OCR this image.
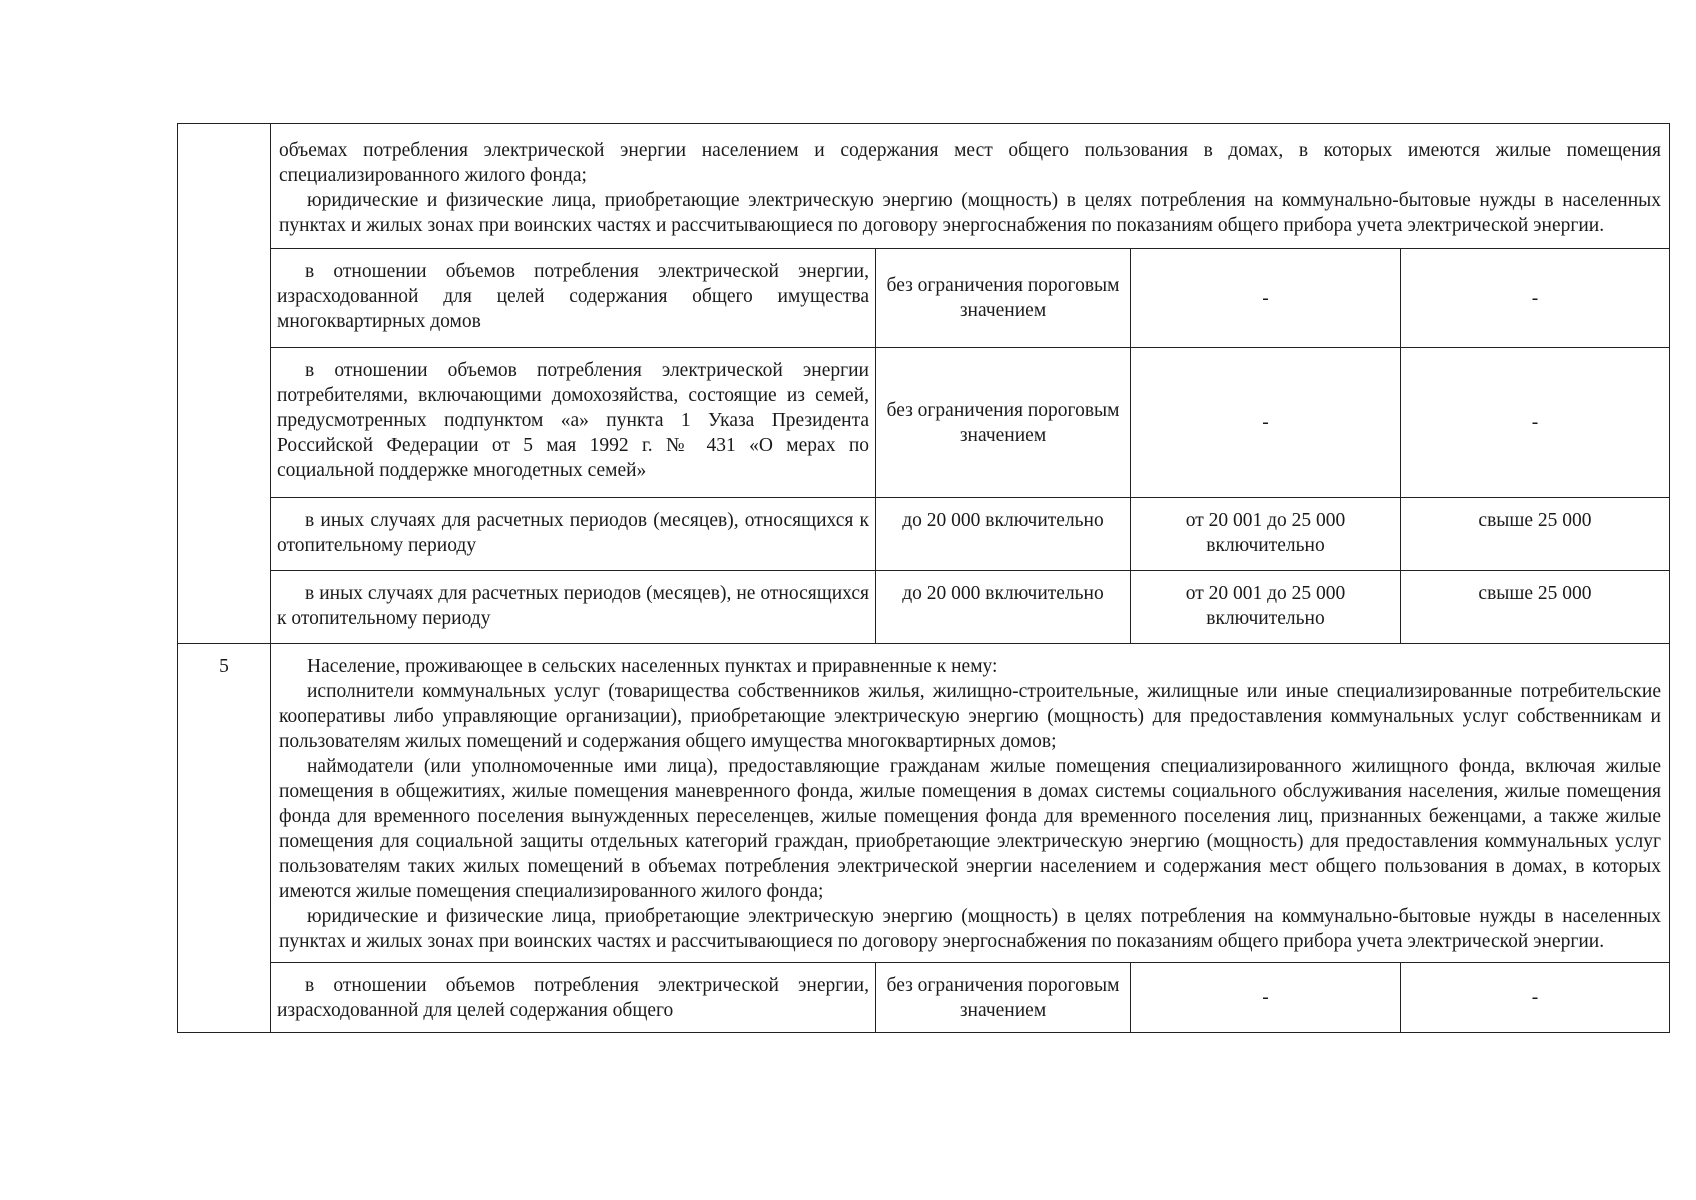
	объемах потребления электрической энергии населением и содержания мест общего пользования в домах, в которых имеются жилые помещения специализированного жилого фонда;

юридические и физические лица, приобретающие электрическую энергию (мощность) в целях потребления на коммунально-бытовые нужды в населенных пунктах и жилых зонах при воинских частях и рассчитывающиеся по договору энергоснабжения по показаниям общего прибора учета электрической энергии.			

	в отношении объемов потребления электрической энергии, израсходованной для целей содержания общего имущества многоквартирных домов	без ограничения пороговым значением	-	-
	в отношении объемов потребления электрической энергии потребителями, включающими домохозяйства, состоящие из семей, предусмотренных подпунктом «а» пункта 1 Указа Президента Российской Федерации от 5 мая 1992 г. № 431 «О мерах по социальной поддержке многодетных семей»	без ограничения пороговым значением	-	-
	в иных случаях для расчетных периодов (месяцев), относящихся к отопительному периоду	до 20 000 включительно	от 20 001 до 25 000 включительно	свыше 25 000
	в иных случаях для расчетных периодов (месяцев), не относящихся к отопительному периоду	до 20 000 включительно	от 20 001 до 25 000 включительно	свыше 25 000
5	Население, проживающее в сельских населенных пунктах и приравненные к нему:

исполнители коммунальных услуг (товарищества собственников жилья, жилищно-строительные, жилищные или иные специализированные потребительские кооперативы либо управляющие организации), приобретающие электрическую энергию (мощность) для предоставления коммунальных услуг собственникам и пользователям жилых помещений и содержания общего имущества многоквартирных домов;

наймодатели (или уполномоченные ими лица), предоставляющие гражданам жилые помещения специализированного жилищного фонда, включая жилые помещения в общежитиях, жилые помещения маневренного фонда, жилые помещения в домах системы социального обслуживания населения, жилые помещения фонда для временного поселения вынужденных переселенцев, жилые помещения фонда для временного поселения лиц, признанных беженцами, а также жилые помещения для социальной защиты отдельных категорий граждан, приобретающие электрическую энергию (мощность) для предоставления коммунальных услуг пользователям таких жилых помещений в объемах потребления электрической энергии населением и содержания мест общего пользования в домах, в которых имеются жилые помещения специализированного жилого фонда;

юридические и физические лица, приобретающие электрическую энергию (мощность) в целях потребления на коммунально-бытовые нужды в населенных пунктах и жилых зонах при воинских частях и рассчитывающиеся по договору энергоснабжения по показаниям общего прибора учета электрической энергии.			

	в отношении объемов потребления электрической энергии, израсходованной для целей содержания общего	без ограничения пороговым значением	-	-
